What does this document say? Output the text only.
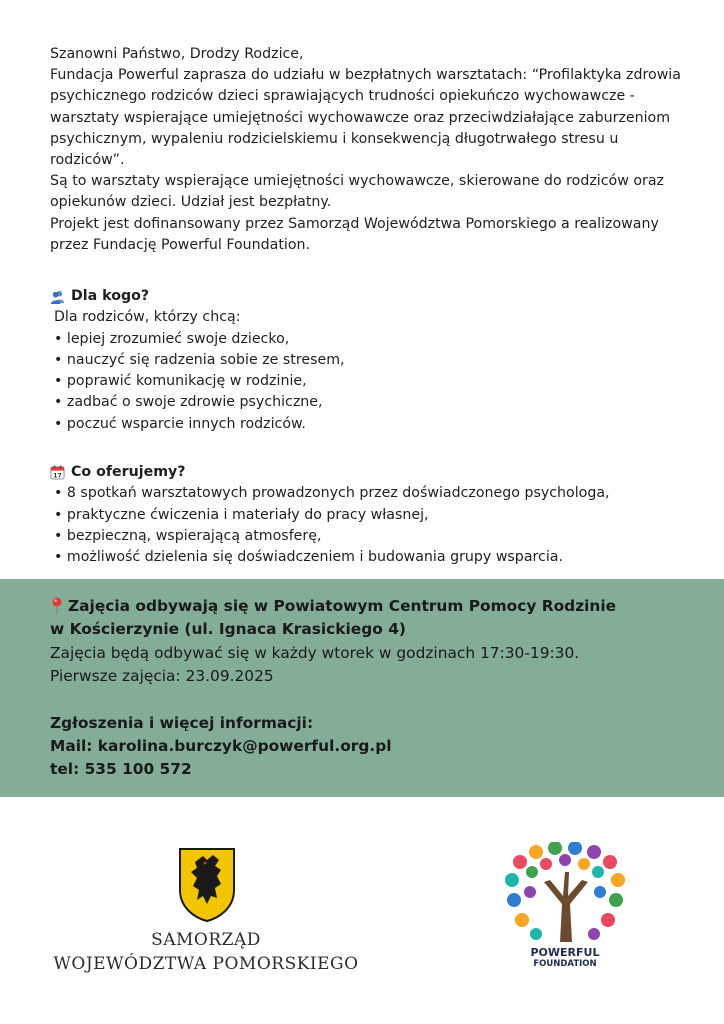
Szanowni Państwo, Drodzy Rodzice,

Fundacja Powerful zaprasza do udziału w bezpłatnych warsztatach: “Profilaktyka zdrowia psychicznego rodziców dzieci sprawiających trudności opiekuńczo wychowawcze - warsztaty wspierające umiejętności wychowawcze oraz przeciwdziałające zaburzeniom psychicznym, wypaleniu rodzicielskiemu i konsekwencją długotrwałego stresu u rodziców”.

Są to warsztaty wspierające umiejętności wychowawcze, skierowane do rodziców oraz opiekunów dzieci. Udział jest bezpłatny.

Projekt jest dofinansowany przez Samorząd Województwa Pomorskiego a realizowany przez Fundację Powerful Foundation.

Dla kogo?
Dla rodziców, którzy chcą:
• lepiej zrozumieć swoje dziecko,
• nauczyć się radzenia sobie ze stresem,
• poprawić komunikację w rodzinie,
• zadbać o swoje zdrowie psychiczne,
• poczuć wsparcie innych rodziców.
17 Co oferujemy?
• 8 spotkań warsztatowych prowadzonych przez doświadczonego psychologa,
• praktyczne ćwiczenia i materiały do pracy własnej,
• bezpieczną, wspierającą atmosferę,
• możliwość dzielenia się doświadczeniem i budowania grupy wsparcia.
Zajęcia odbywają się w Powiatowym Centrum Pomocy Rodzinie
w Kościerzynie (ul. Ignaca Krasickiego 4)
Zajęcia będą odbywać się w każdy wtorek w godzinach 17:30-19:30.
Pierwsze zajęcia: 23.09.2025
Zgłoszenia i więcej informacji:
Mail: karolina.burczyk@powerful.org.pl
tel: 535 100 572
SAMORZĄD
WOJEWÓDZTWA POMORSKIEGO
POWERFUL
FOUNDATION
